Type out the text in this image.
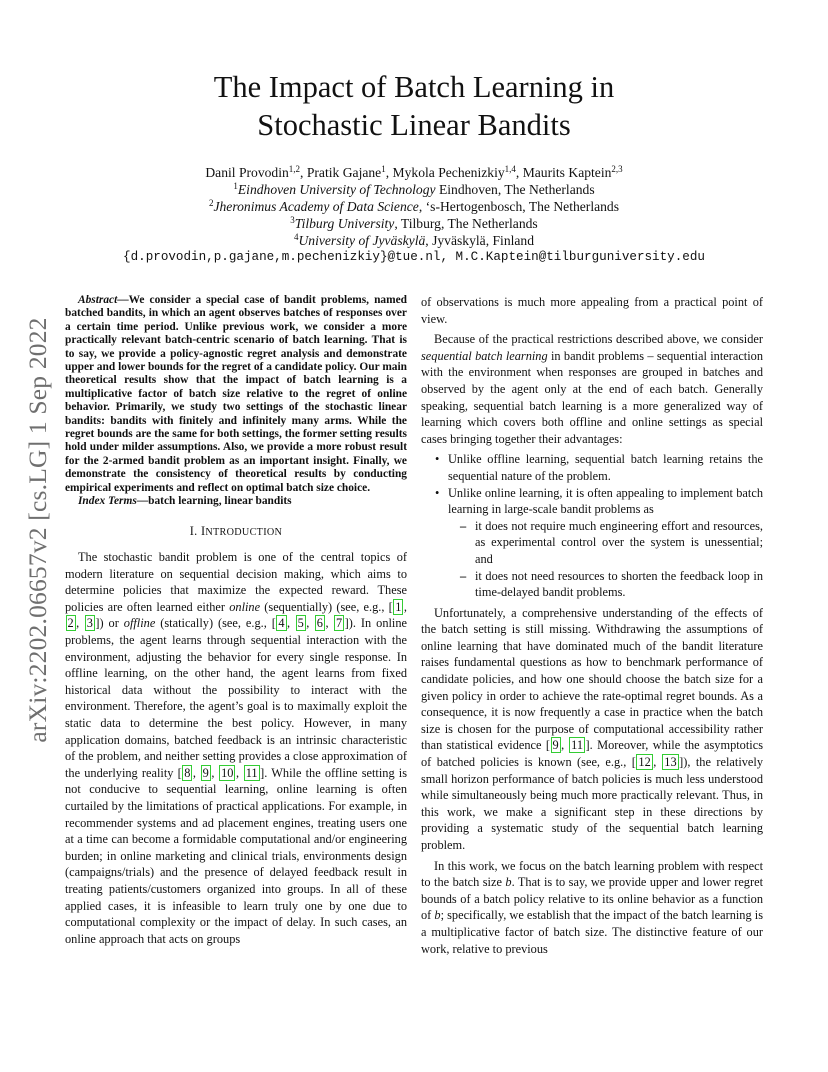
arXiv:2202.06657v2 [cs.LG] 1 Sep 2022
The Impact of Batch Learning in
Stochastic Linear Bandits
Danil Provodin$^{1,2}$, Pratik Gajane$^1$, Mykola Pechenizkiy$^{1,4}$, Maurits Kaptein$^{2,3}$
$^1$Eindhoven University of Technology Eindhoven, The Netherlands
$^2$Jheronimus Academy of Data Science, ‘s-Hertogenbosch, The Netherlands
$^3$Tilburg University, Tilburg, The Netherlands
$^4$University of Jyväskylä, Jyväskylä, Finland
{d.provodin,p.gajane,m.pechenizkiy}@tue.nl, M.C.Kaptein@tilburguniversity.edu

Abstract—We consider a special case of bandit problems, named batched bandits, in which an agent observes batches of responses over a certain time period. Unlike previous work, we consider a more practically relevant batch-centric scenario of batch learning. That is to say, we provide a policy-agnostic regret analysis and demonstrate upper and lower bounds for the regret of a candidate policy. Our main theoretical results show that the impact of batch learning is a multiplicative factor of batch size relative to the regret of online behavior. Primarily, we study two settings of the stochastic linear bandits: bandits with finitely and infinitely many arms. While the regret bounds are the same for both settings, the former setting results hold under milder assumptions. Also, we provide a more robust result for the 2-armed bandit problem as an important insight. Finally, we demonstrate the consistency of theoretical results by conducting empirical experiments and reflect on optimal batch size choice.

Index Terms—batch learning, linear bandits

I. INTRODUCTION

The stochastic bandit problem is one of the central topics of modern literature on sequential decision making, which aims to determine policies that maximize the expected reward. These policies are often learned either online (sequentially) (see, e.g., [ 1 , 2 , 3 ]) or offline (statically) (see, e.g., [ 4 , 5 , 6 , 7 ]). In online problems, the agent learns through sequential interaction with the environment, adjusting the behavior for every single response. In offline learning, on the other hand, the agent learns from fixed historical data without the possibility to interact with the environment. Therefore, the agent’s goal is to maximally exploit the static data to determine the best policy. However, in many application domains, batched feedback is an intrinsic characteristic of the problem, and neither setting provides a close approximation of the underlying reality [ 8 , 9 , 10 , 11 ]. While the offline setting is not conducive to sequential learning, online learning is often curtailed by the limitations of practical applications. For example, in recommender systems and ad placement engines, treating users one at a time can become a formidable computational and/or engineering burden; in online marketing and clinical trials, environments design (campaigns/trials) and the presence of delayed feedback result in treating patients/customers organized into groups. In all of these applied cases, it is infeasible to learn truly one by one due to computational complexity or the impact of delay. In such cases, an online approach that acts on groups

of observations is much more appealing from a practical point of view.

Because of the practical restrictions described above, we consider sequential batch learning in bandit problems – sequential interaction with the environment when responses are grouped in batches and observed by the agent only at the end of each batch. Generally speaking, sequential batch learning is a more generalized way of learning which covers both offline and online settings as special cases bringing together their advantages:

• Unlike offline learning, sequential batch learning retains the sequential nature of the problem.
• Unlike online learning, it is often appealing to implement batch learning in large-scale bandit problems as
– it does not require much engineering effort and resources, as experimental control over the system is unessential; and
– it does not need resources to shorten the feedback loop in time-delayed bandit problems.

Unfortunately, a comprehensive understanding of the effects of the batch setting is still missing. Withdrawing the assumptions of online learning that have dominated much of the bandit literature raises fundamental questions as how to benchmark performance of candidate policies, and how one should choose the batch size for a given policy in order to achieve the rate-optimal regret bounds. As a consequence, it is now frequently a case in practice when the batch size is chosen for the purpose of computational accessibility rather than statistical evidence [ 9 , 11 ]. Moreover, while the asymptotics of batched policies is known (see, e.g., [ 12 , 13 ]), the relatively small horizon performance of batch policies is much less understood while simultaneously being much more practically relevant. Thus, in this work, we make a significant step in these directions by providing a systematic study of the sequential batch learning problem.

In this work, we focus on the batch learning problem with respect to the batch size b. That is to say, we provide upper and lower regret bounds of a batch policy relative to its online behavior as a function of b; specifically, we establish that the impact of the batch learning is a multiplicative factor of batch size. The distinctive feature of our work, relative to previous
